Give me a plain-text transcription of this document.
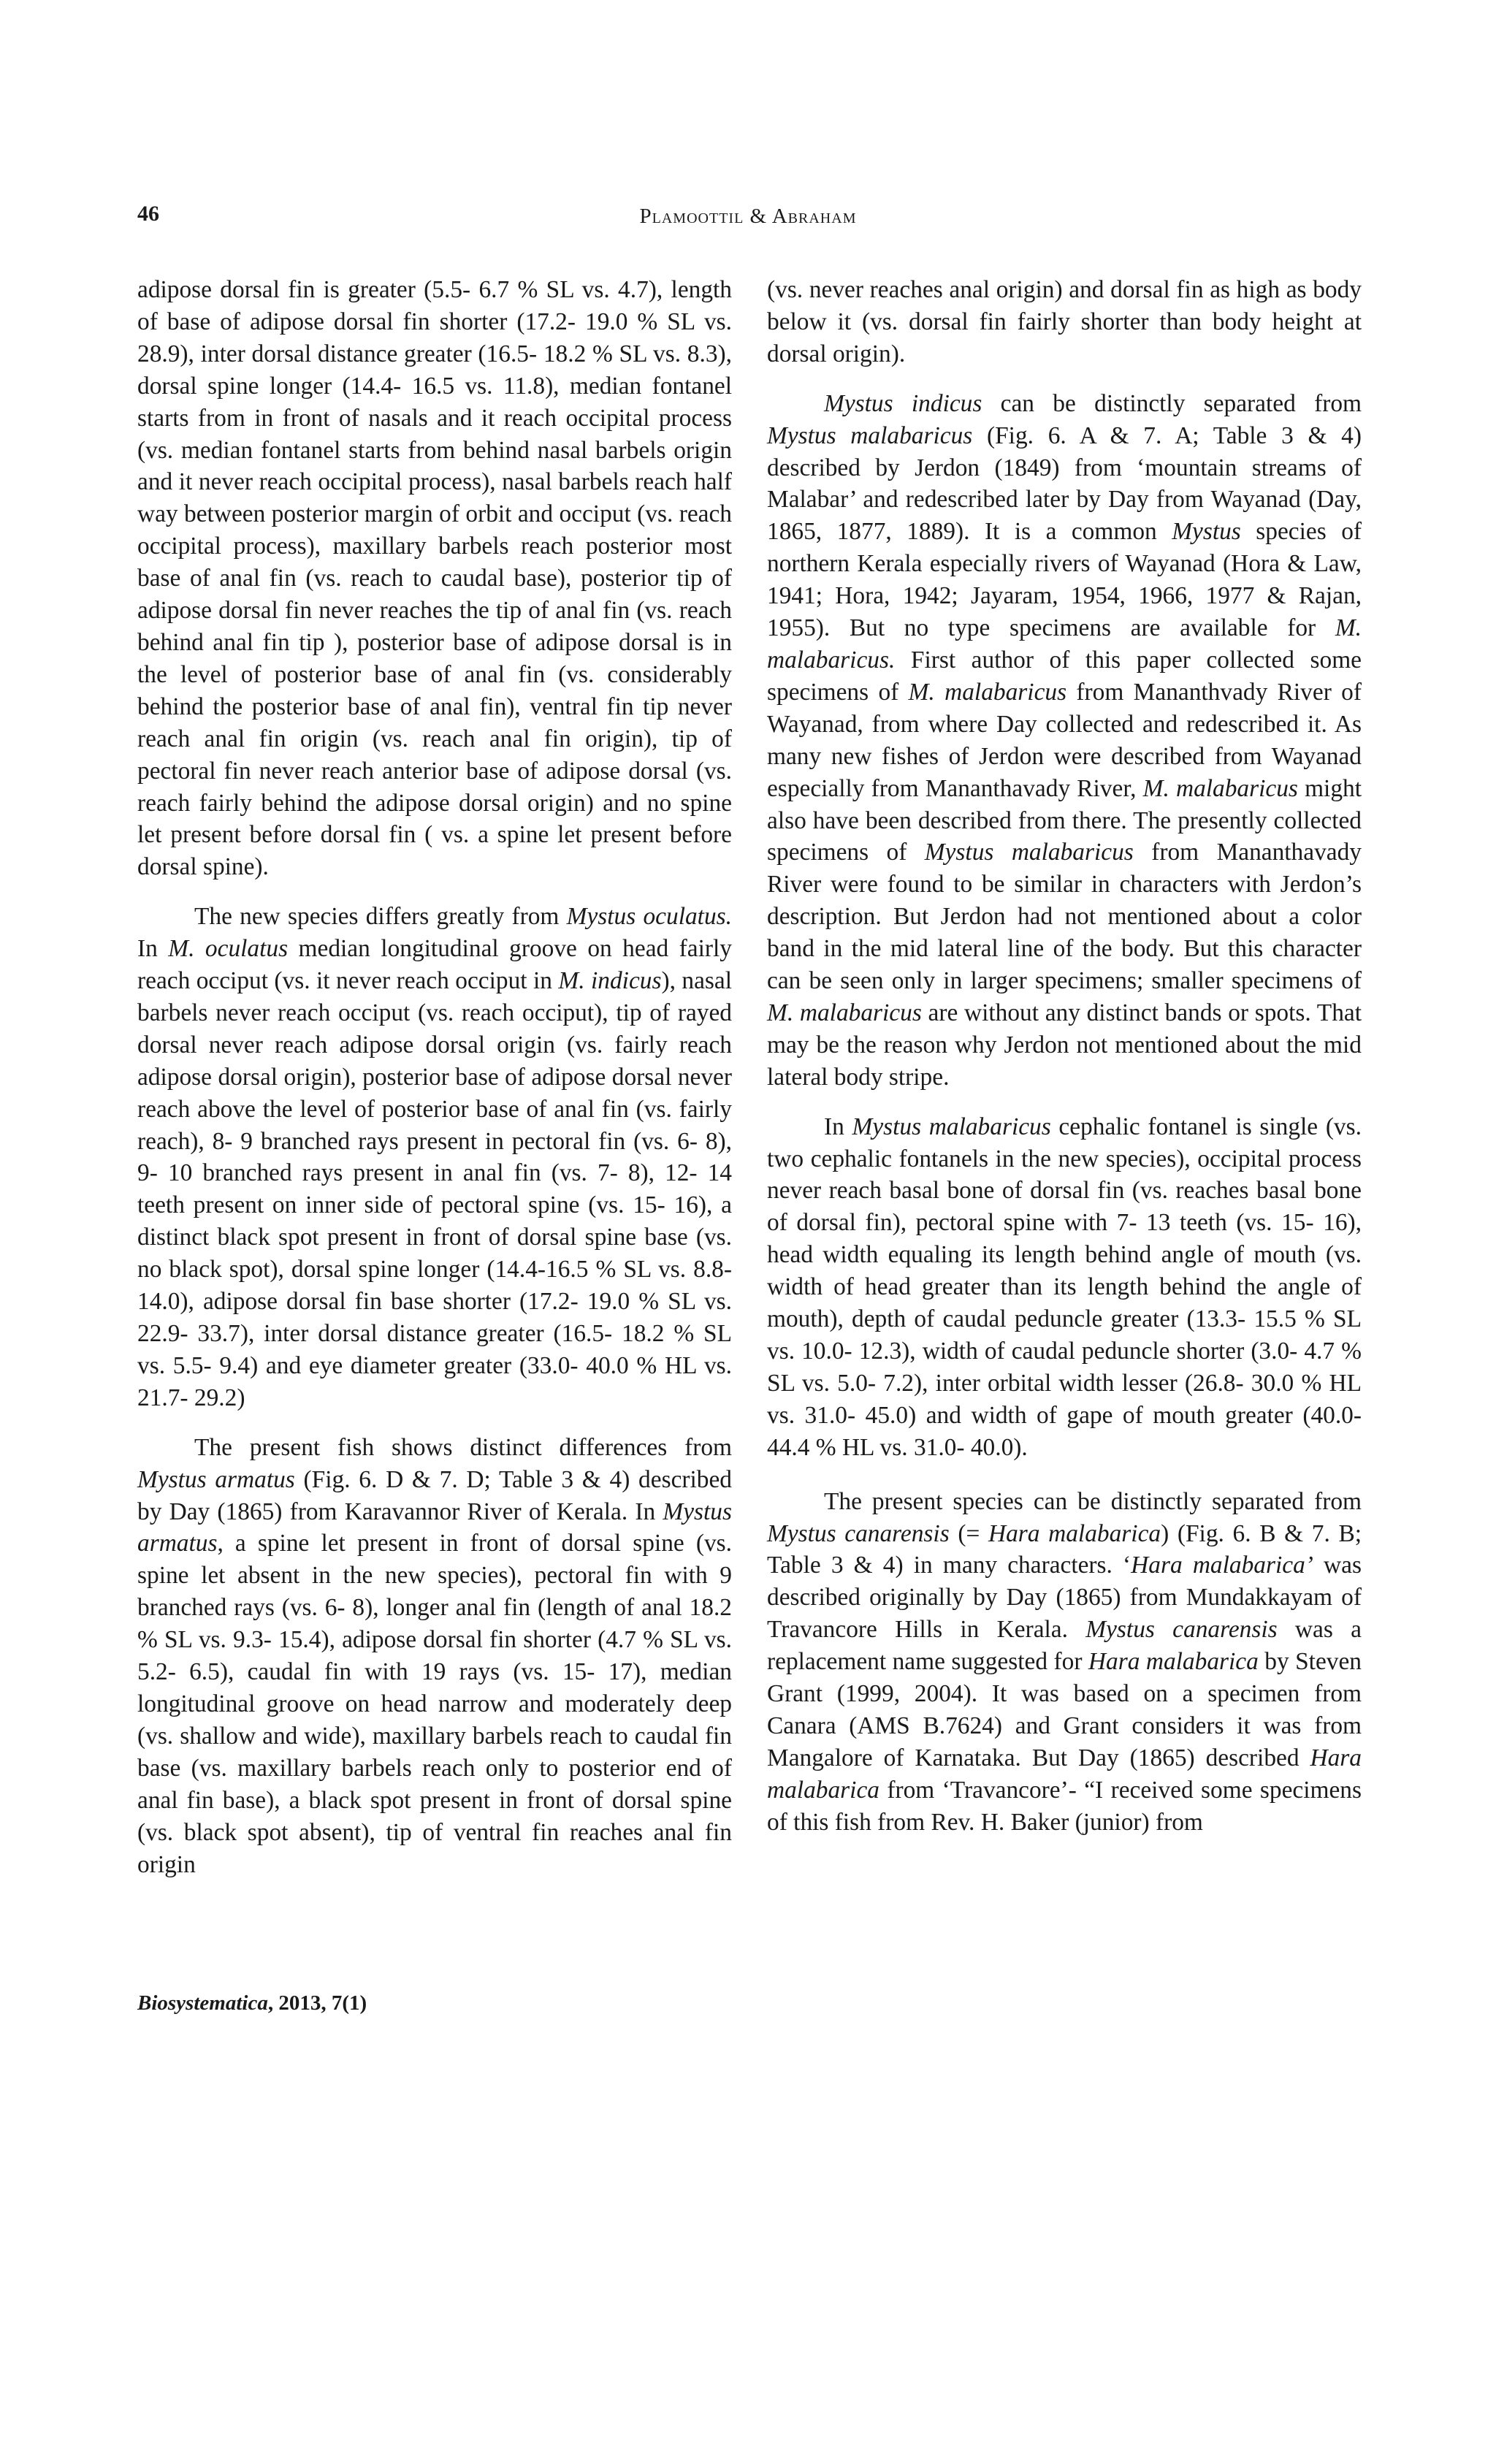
46	Plamoottil & Abraham

adipose dorsal fin is greater (5.5- 6.7 % SL vs. 4.7), length of base of adipose dorsal fin shorter (17.2- 19.0 % SL vs. 28.9), inter dorsal distance greater (16.5- 18.2 % SL vs. 8.3), dorsal spine longer (14.4- 16.5 vs. 11.8), median fontanel starts from in front of nasals and it reach occipital process (vs. median fontanel starts from behind nasal barbels origin and it never reach occipital process), nasal barbels reach half way between posterior margin of orbit and occiput (vs. reach occipital process), maxillary barbels reach posterior most base of anal fin (vs. reach to caudal base), posterior tip of adipose dorsal fin never reaches the tip of anal fin (vs. reach behind anal fin tip ), posterior base of adipose dorsal is in the level of posterior base of anal fin (vs. considerably behind the posterior base of anal fin), ventral fin tip never reach anal fin origin (vs. reach anal fin origin), tip of pectoral fin never reach anterior base of adipose dorsal (vs. reach fairly behind the adipose dorsal origin) and no spine let present before dorsal fin ( vs. a spine let present before dorsal spine).

The new species differs greatly from Mystus oculatus. In M. oculatus median longitudinal groove on head fairly reach occiput (vs. it never reach occiput in M. indicus), nasal barbels never reach occiput (vs. reach occiput), tip of rayed dorsal never reach adipose dorsal origin (vs. fairly reach adipose dorsal origin), posterior base of adipose dorsal never reach above the level of posterior base of anal fin (vs. fairly reach), 8- 9 branched rays present in pectoral fin (vs. 6- 8), 9- 10 branched rays present in anal fin (vs. 7- 8), 12- 14 teeth present on inner side of pectoral spine (vs. 15- 16), a distinct black spot present in front of dorsal spine base (vs. no black spot), dorsal spine longer (14.4-16.5 % SL vs. 8.8- 14.0), adipose dorsal fin base shorter (17.2- 19.0 % SL vs. 22.9- 33.7), inter dorsal distance greater (16.5- 18.2 % SL vs. 5.5- 9.4) and eye diameter greater (33.0- 40.0 % HL vs. 21.7- 29.2)

The present fish shows distinct differences from Mystus armatus (Fig. 6. D & 7. D; Table 3 & 4) described by Day (1865) from Karavannor River of Kerala. In Mystus armatus, a spine let present in front of dorsal spine (vs. spine let absent in the new species), pectoral fin with 9 branched rays (vs. 6- 8), longer anal fin (length of anal 18.2 % SL vs. 9.3- 15.4), adipose dorsal fin shorter (4.7 % SL vs. 5.2- 6.5), caudal fin with 19 rays (vs. 15- 17), median longitudinal groove on head narrow and moderately deep (vs. shallow and wide), maxillary barbels reach to caudal fin base (vs. maxillary barbels reach only to posterior end of anal fin base), a black spot present in front of dorsal spine (vs. black spot absent), tip of ventral fin reaches anal fin origin

(vs. never reaches anal origin) and dorsal fin as high as body below it (vs. dorsal fin fairly shorter than body height at dorsal origin).

Mystus indicus can be distinctly separated from Mystus malabaricus (Fig. 6. A & 7. A; Table 3 & 4) described by Jerdon (1849) from ‘mountain streams of Malabar’ and redescribed later by Day from Wayanad (Day, 1865, 1877, 1889). It is a common Mystus species of northern Kerala especially rivers of Wayanad (Hora & Law, 1941; Hora, 1942; Jayaram, 1954, 1966, 1977 & Rajan, 1955). But no type specimens are available for M. malabaricus. First author of this paper collected some specimens of M. malabaricus from Mananthvady River of Wayanad, from where Day collected and redescribed it. As many new fishes of Jerdon were described from Wayanad especially from Mananthavady River, M. malabaricus might also have been described from there. The presently collected specimens of Mystus malabaricus from Mananthavady River were found to be similar in characters with Jerdon’s description. But Jerdon had not mentioned about a color band in the mid lateral line of the body. But this character can be seen only in larger specimens; smaller specimens of M. malabaricus are without any distinct bands or spots. That may be the reason why Jerdon not mentioned about the mid lateral body stripe.

In Mystus malabaricus cephalic fontanel is single (vs. two cephalic fontanels in the new species), occipital process never reach basal bone of dorsal fin (vs. reaches basal bone of dorsal fin), pectoral spine with 7- 13 teeth (vs. 15- 16), head width equaling its length behind angle of mouth (vs. width of head greater than its length behind the angle of mouth), depth of caudal peduncle greater (13.3- 15.5 % SL vs. 10.0- 12.3), width of caudal peduncle shorter (3.0- 4.7 % SL vs. 5.0- 7.2), inter orbital width lesser (26.8- 30.0 % HL vs. 31.0- 45.0) and width of gape of mouth greater (40.0- 44.4 % HL vs. 31.0- 40.0).

The present species can be distinctly separated from Mystus canarensis (= Hara malabarica) (Fig. 6. B & 7. B; Table 3 & 4) in many characters. ‘Hara malabarica’ was described originally by Day (1865) from Mundakkayam of Travancore Hills in Kerala. Mystus canarensis was a replacement name suggested for Hara malabarica by Steven Grant (1999, 2004). It was based on a specimen from Canara (AMS B.7624) and Grant considers it was from Mangalore of Karnataka. But Day (1865) described Hara malabarica from ‘Travancore’- “I received some specimens of this fish from Rev. H. Baker (junior) from

Biosystematica, 2013, 7(1)
